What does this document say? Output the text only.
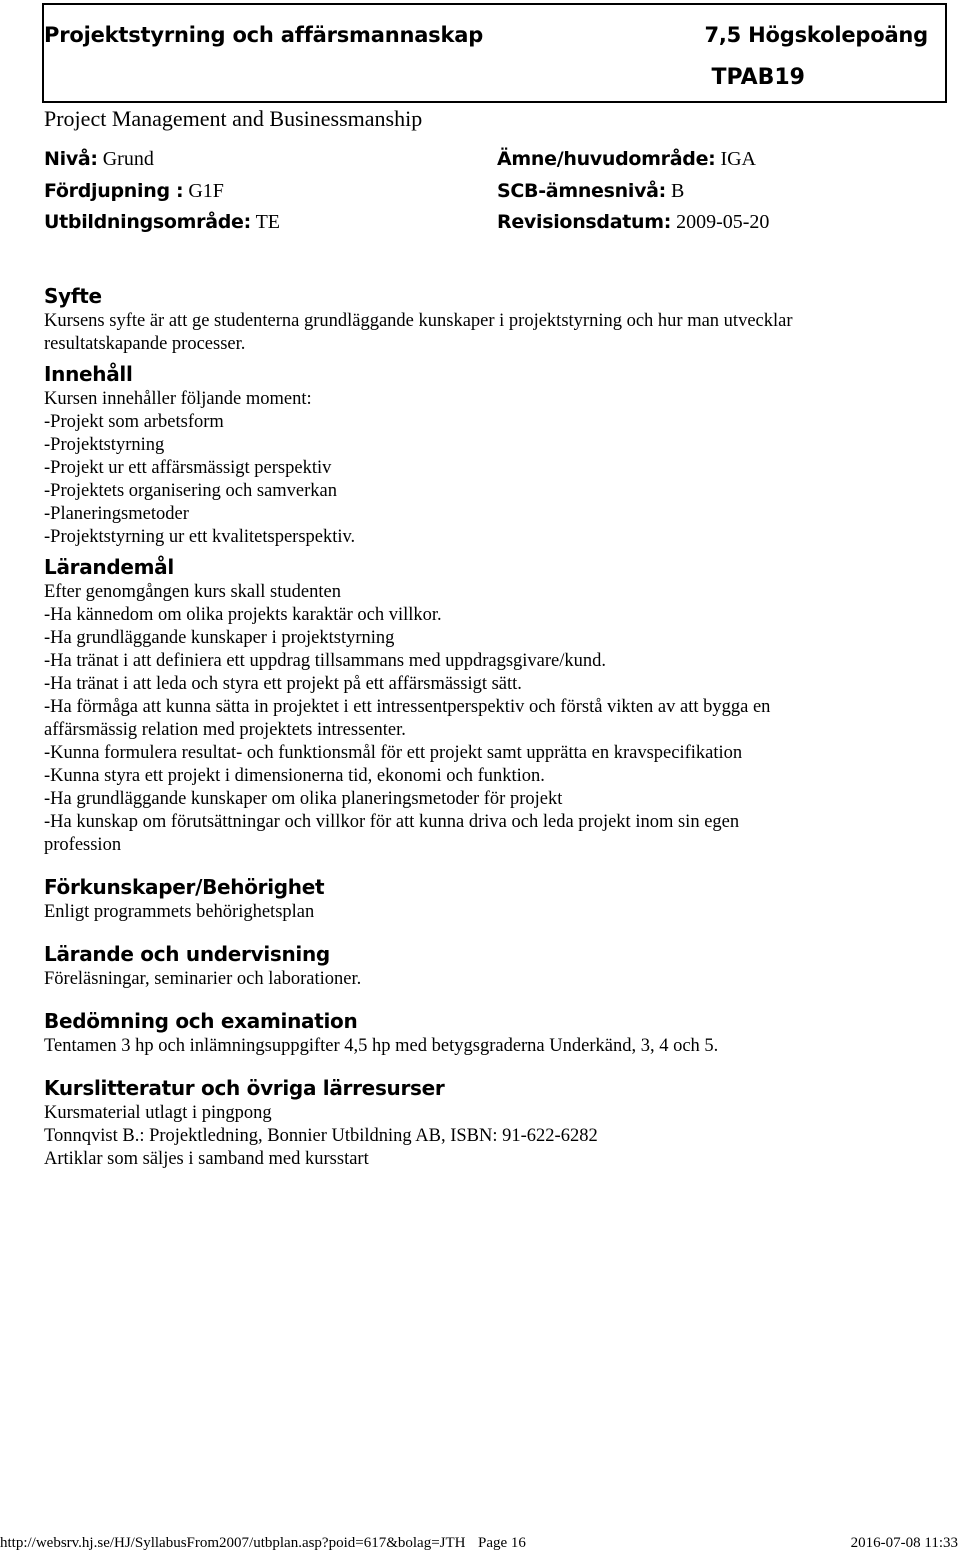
Projektstyrning och affärsmannaskap	7,5 Högskolepoäng
TPAB19
Project Management and Businessmanship
Nivå: Grund	Ämne/huvudområde: IGA
Fördjupning : G1F	SCB-ämnesnivå: B
Utbildningsområde: TE	Revisionsdatum: 2009-05-20
Syfte

Kursens syfte är att ge studenterna grundläggande kunskaper i projektstyrning och hur man utvecklar

resultatskapande processer.

Innehåll

Kursen innehåller följande moment:

-Projekt som arbetsform

-Projektstyrning

-Projekt ur ett affärsmässigt perspektiv

-Projektets organisering och samverkan

-Planeringsmetoder

-Projektstyrning ur ett kvalitetsperspektiv.

Lärandemål

Efter genomgången kurs skall studenten

-Ha kännedom om olika projekts karaktär och villkor.

-Ha grundläggande kunskaper i projektstyrning

-Ha tränat i att definiera ett uppdrag tillsammans med uppdragsgivare/kund.

-Ha tränat i att leda och styra ett projekt på ett affärsmässigt sätt.

-Ha förmåga att kunna sätta in projektet i ett intressentperspektiv och förstå vikten av att bygga en

affärsmässig relation med projektets intressenter.

-Kunna formulera resultat- och funktionsmål för ett projekt samt upprätta en kravspecifikation

-Kunna styra ett projekt i dimensionerna tid, ekonomi och funktion.

-Ha grundläggande kunskaper om olika planeringsmetoder för projekt

-Ha kunskap om förutsättningar och villkor för att kunna driva och leda projekt inom sin egen

profession

Förkunskaper/Behörighet

Enligt programmets behörighetsplan

Lärande och undervisning

Föreläsningar, seminarier och laborationer.

Bedömning och examination

Tentamen 3 hp och inlämningsuppgifter 4,5 hp med betygsgraderna Underkänd, 3, 4 och 5.

Kurslitteratur och övriga lärresurser

Kursmaterial utlagt i pingpong

Tonnqvist B.: Projektledning, Bonnier Utbildning AB, ISBN: 91-622-6282

Artiklar som säljes i samband med kursstart

http://websrv.hj.se/HJ/SyllabusFrom2007/utbplan.asp?poid=617&bolag=JTH Page 16	2016-07-08 11:33
